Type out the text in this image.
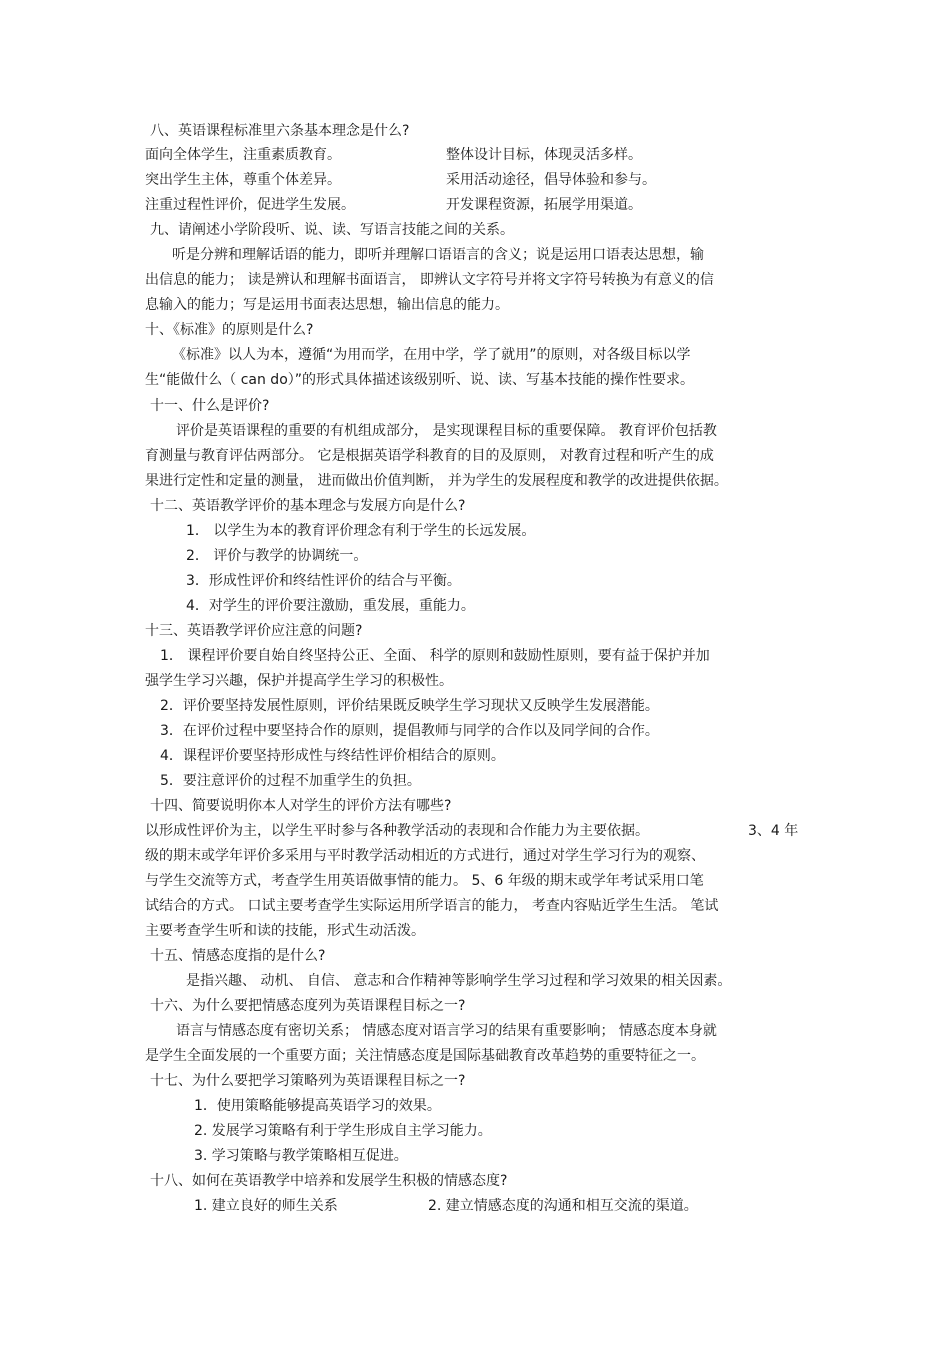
八、英语课程标准里六条基本理念是什么?

面向全体学生，注重素质教育。	整体设计目标，体现灵活多样。

突出学生主体，尊重个体差异。	采用活动途径，倡导体验和参与。

注重过程性评价，促进学生发展。	开发课程资源，拓展学用渠道。

九、请阐述小学阶段听、说、读、写语言技能之间的关系。

听是分辨和理解话语的能力，即听并理解口语语言的含义；说是运用口语表达思想，输

出信息的能力； 读是辨认和理解书面语言， 即辨认文字符号并将文字符号转换为有意义的信

息输入的能力；写是运用书面表达思想，输出信息的能力。

十、《标准》的原则是什么?

《标准》以人为本，遵循“为用而学，在用中学，学了就用”的原则，对各级目标以学

生“能做什么（ can do）”的形式具体描述该级别听、说、读、写基本技能的操作性要求。

十一、什么是评价?

评价是英语课程的重要的有机组成部分， 是实现课程目标的重要保障。 教育评价包括教

育测量与教育评估两部分。 它是根据英语学科教育的目的及原则， 对教育过程和听产生的成

果进行定性和定量的测量， 进而做出价值判断， 并为学生的发展程度和教学的改进提供依据。

十二、英语教学评价的基本理念与发展方向是什么?

1． 以学生为本的教育评价理念有利于学生的长远发展。

2． 评价与教学的协调统一。

3．形成性评价和终结性评价的结合与平衡。

4．对学生的评价要注激励，重发展，重能力。

十三、英语教学评价应注意的问题?

1． 课程评价要自始自终坚持公正、全面、 科学的原则和鼓励性原则，要有益于保护并加

强学生学习兴趣，保护并提高学生学习的积极性。

2．评价要坚持发展性原则，评价结果既反映学生学习现状又反映学生发展潜能。

3．在评价过程中要坚持合作的原则，提倡教师与同学的合作以及同学间的合作。

4．课程评价要坚持形成性与终结性评价相结合的原则。

5．要注意评价的过程不加重学生的负担。

十四、简要说明你本人对学生的评价方法有哪些?

以形成性评价为主，以学生平时参与各种教学活动的表现和合作能力为主要依据。	3、4 年

级的期末或学年评价多采用与平时教学活动相近的方式进行，通过对学生学习行为的观察、

与学生交流等方式，考查学生用英语做事情的能力。 5、6 年级的期末或学年考试采用口笔

试结合的方式。 口试主要考查学生实际运用所学语言的能力， 考查内容贴近学生生活。 笔试

主要考查学生听和读的技能，形式生动活泼。

十五、情感态度指的是什么?

是指兴趣、 动机、 自信、 意志和合作精神等影响学生学习过程和学习效果的相关因素。

十六、为什么要把情感态度列为英语课程目标之一?

语言与情感态度有密切关系； 情感态度对语言学习的结果有重要影响； 情感态度本身就

是学生全面发展的一个重要方面；关注情感态度是国际基础教育改革趋势的重要特征之一。

十七、为什么要把学习策略列为英语课程目标之一?

1．使用策略能够提高英语学习的效果。

2. 发展学习策略有利于学生形成自主学习能力。

3. 学习策略与教学策略相互促进。

十八、如何在英语教学中培养和发展学生积极的情感态度?

1. 建立良好的师生关系	2. 建立情感态度的沟通和相互交流的渠道。
